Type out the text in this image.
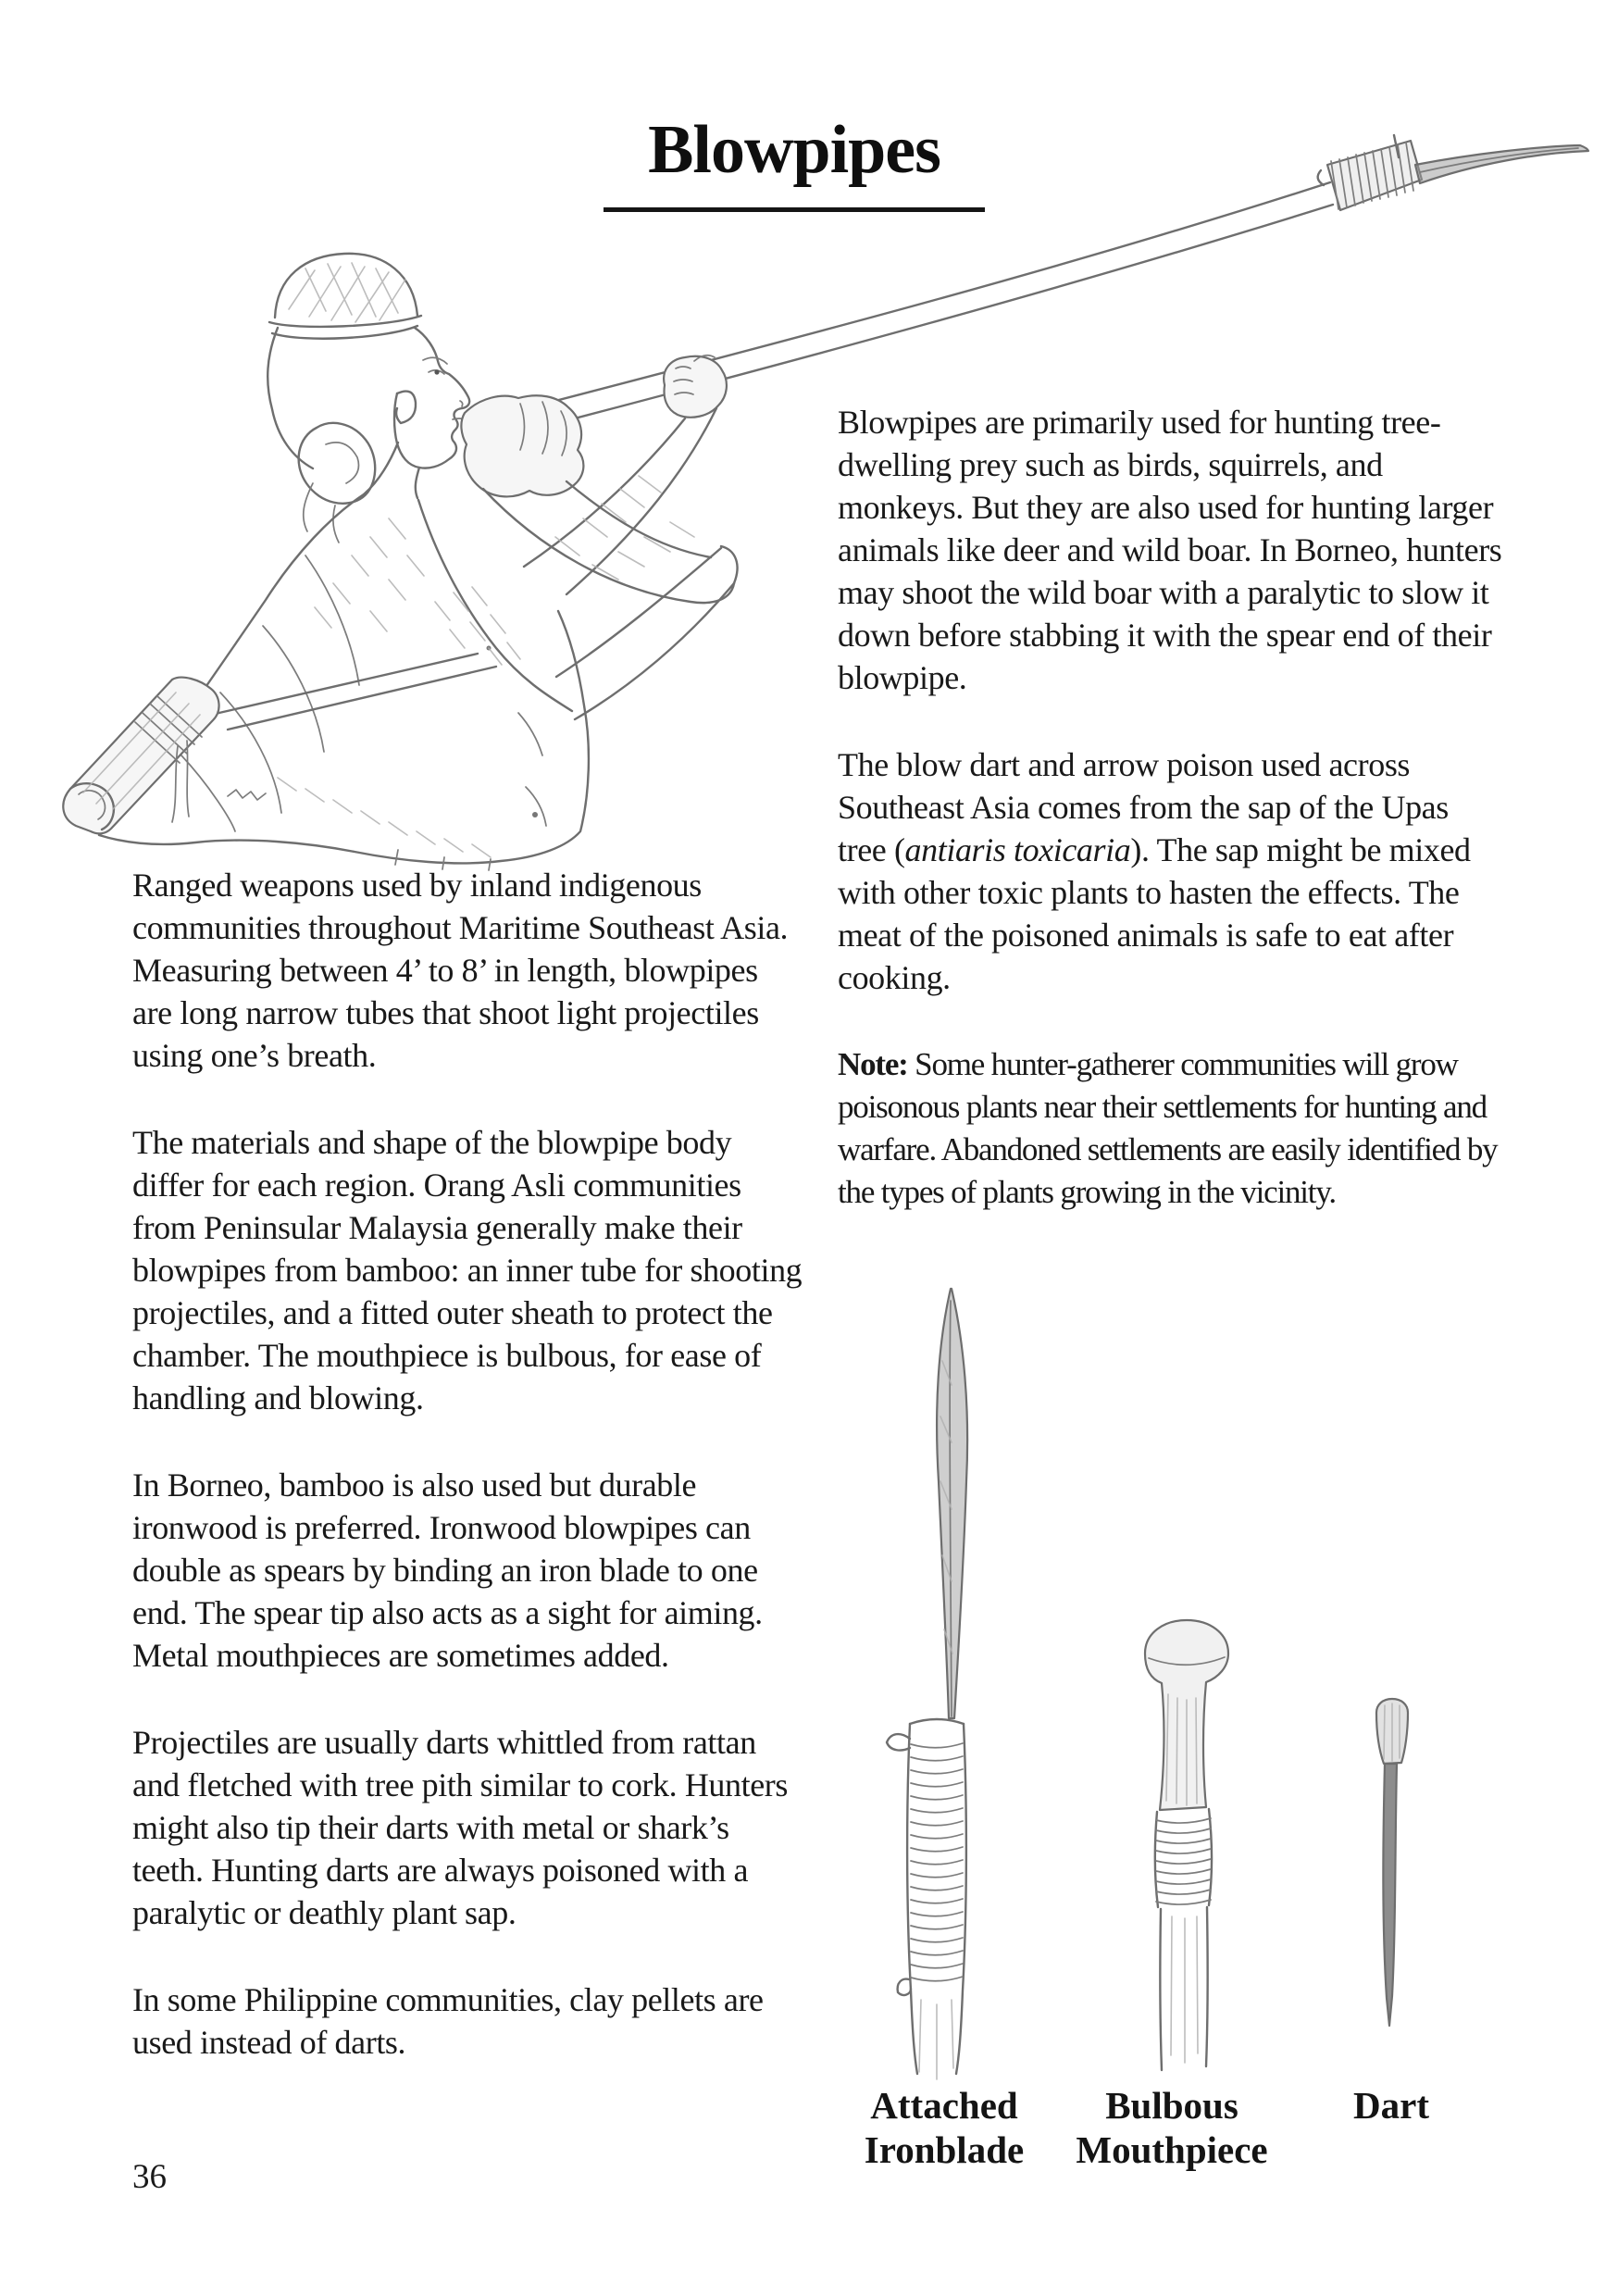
Blowpipes

Ranged weapons used by inland indigenous communities throughout Maritime Southeast Asia. Measuring between 4’ to 8’ in length, blowpipes are long narrow tubes that shoot light projectiles using one’s breath.

The materials and shape of the blowpipe body differ for each region. Orang Asli communities from Peninsular Malaysia generally make their blowpipes from bamboo: an inner tube for shooting projectiles, and a fitted outer sheath to protect the chamber. The mouthpiece is bulbous, for ease of handling and blowing.

In Borneo, bamboo is also used but durable ironwood is preferred. Ironwood blowpipes can double as spears by binding an iron blade to one end. The spear tip also acts as a sight for aiming. Metal mouthpieces are sometimes added.

Projectiles are usually darts whittled from rattan and fletched with tree pith similar to cork. Hunters might also tip their darts with metal or shark’s teeth. Hunting darts are always poisoned with a paralytic or deathly plant sap.

In some Philippine communities, clay pellets are used instead of darts.

Blowpipes are primarily used for hunting tree-dwelling prey such as birds, squirrels, and monkeys. But they are also used for hunting larger animals like deer and wild boar. In Borneo, hunters may shoot the wild boar with a paralytic to slow it down before stabbing it with the spear end of their blowpipe.

The blow dart and arrow poison used across Southeast Asia comes from the sap of the Upas tree (antiaris toxicaria). The sap might be mixed with other toxic plants to hasten the effects. The meat of the poisoned animals is safe to eat after cooking.

Note: Some hunter-gatherer communities will grow poisonous plants near their settlements for hunting and warfare. Abandoned settlements are easily identified by the types of plants growing in the vicinity.

Attached
Ironblade
Bulbous
Mouthpiece
Dart
36
